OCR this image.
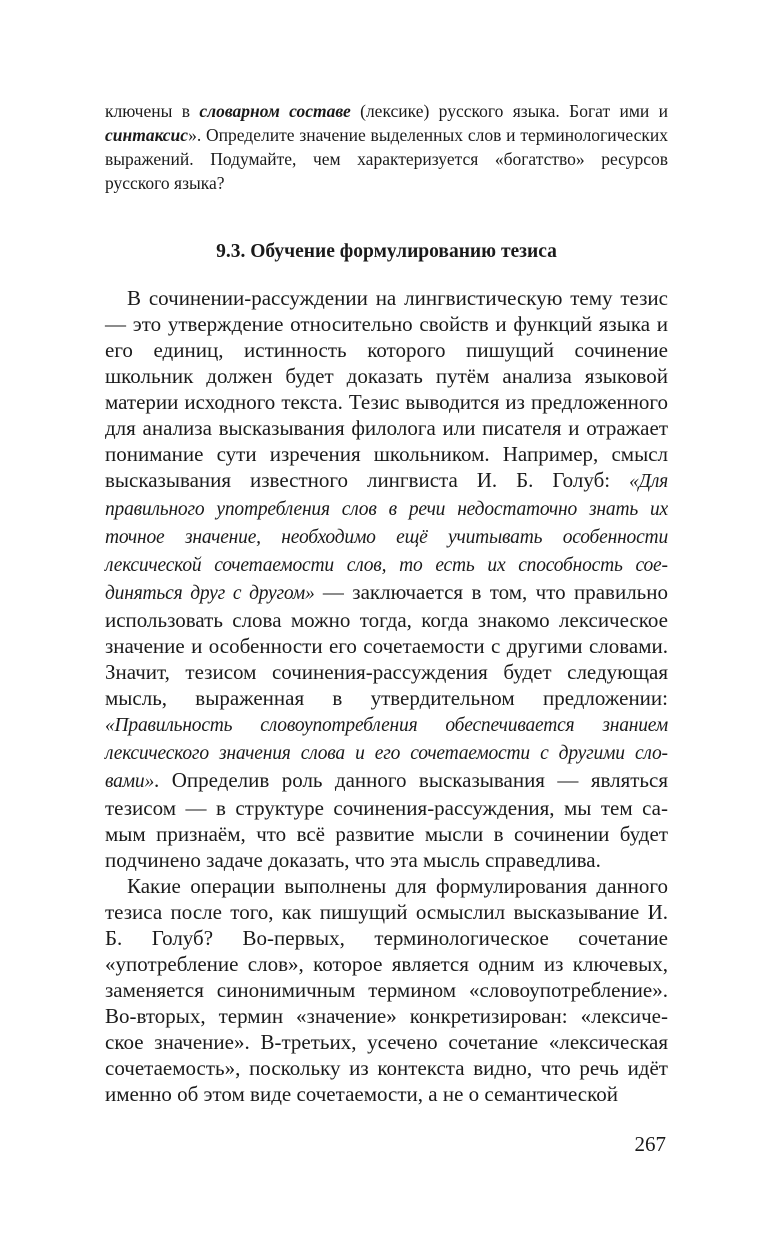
ключены в словарном составе (лексике) русского языка. Богат ими и синтаксис». Определите значение выделенных слов и терминологических выражений. Подумайте, чем характеризуется «богатство» ресурсов русского языка?

9.3. Обучение формулированию тезиса

В сочинении-рассуждении на лингвистическую тему тезис — это утверждение относительно свойств и функций языка и его единиц, истинность которого пишущий сочинение школьник должен будет доказать путём анализа языковой материи исходного текста. Тезис выводится из предложенного для анализа высказывания филолога или писателя и отражает понимание сути изречения школьником. Например, смысл высказывания известного лингвиста И. Б. Голуб: «Для правильного употребления слов в речи недостаточно знать их точное значение, необходимо ещё учитывать особенности лексической сочетаемости слов, то есть их способность соединяться друг с другом» — заключается в том, что правильно использовать слова можно тогда, когда знакомо лексическое значение и особенности его сочетаемости с другими словами. Значит, тезисом сочинения-рассуждения будет следующая мысль, выраженная в утвердительном предложении: «Правильность словоупотребления обеспечивается знанием лексического значения слова и его сочетаемости с другими словами». Определив роль данного высказывания — являться тезисом — в структуре сочинения-рассуждения, мы тем самым признаём, что всё развитие мысли в сочинении будет подчинено задаче доказать, что эта мысль справедлива.

Какие операции выполнены для формулирования данного тезиса после того, как пишущий осмыслил высказывание И. Б. Голуб? Во-первых, терминологическое сочетание «употребление слов», которое является одним из ключевых, заменяется синонимичным термином «словоупотребление». Во-вторых, термин «значение» конкретизирован: «лексическое значение». В-третьих, усечено сочетание «лексическая сочетаемость», поскольку из контекста видно, что речь идёт именно об этом виде сочетаемости, а не о семантической

267
